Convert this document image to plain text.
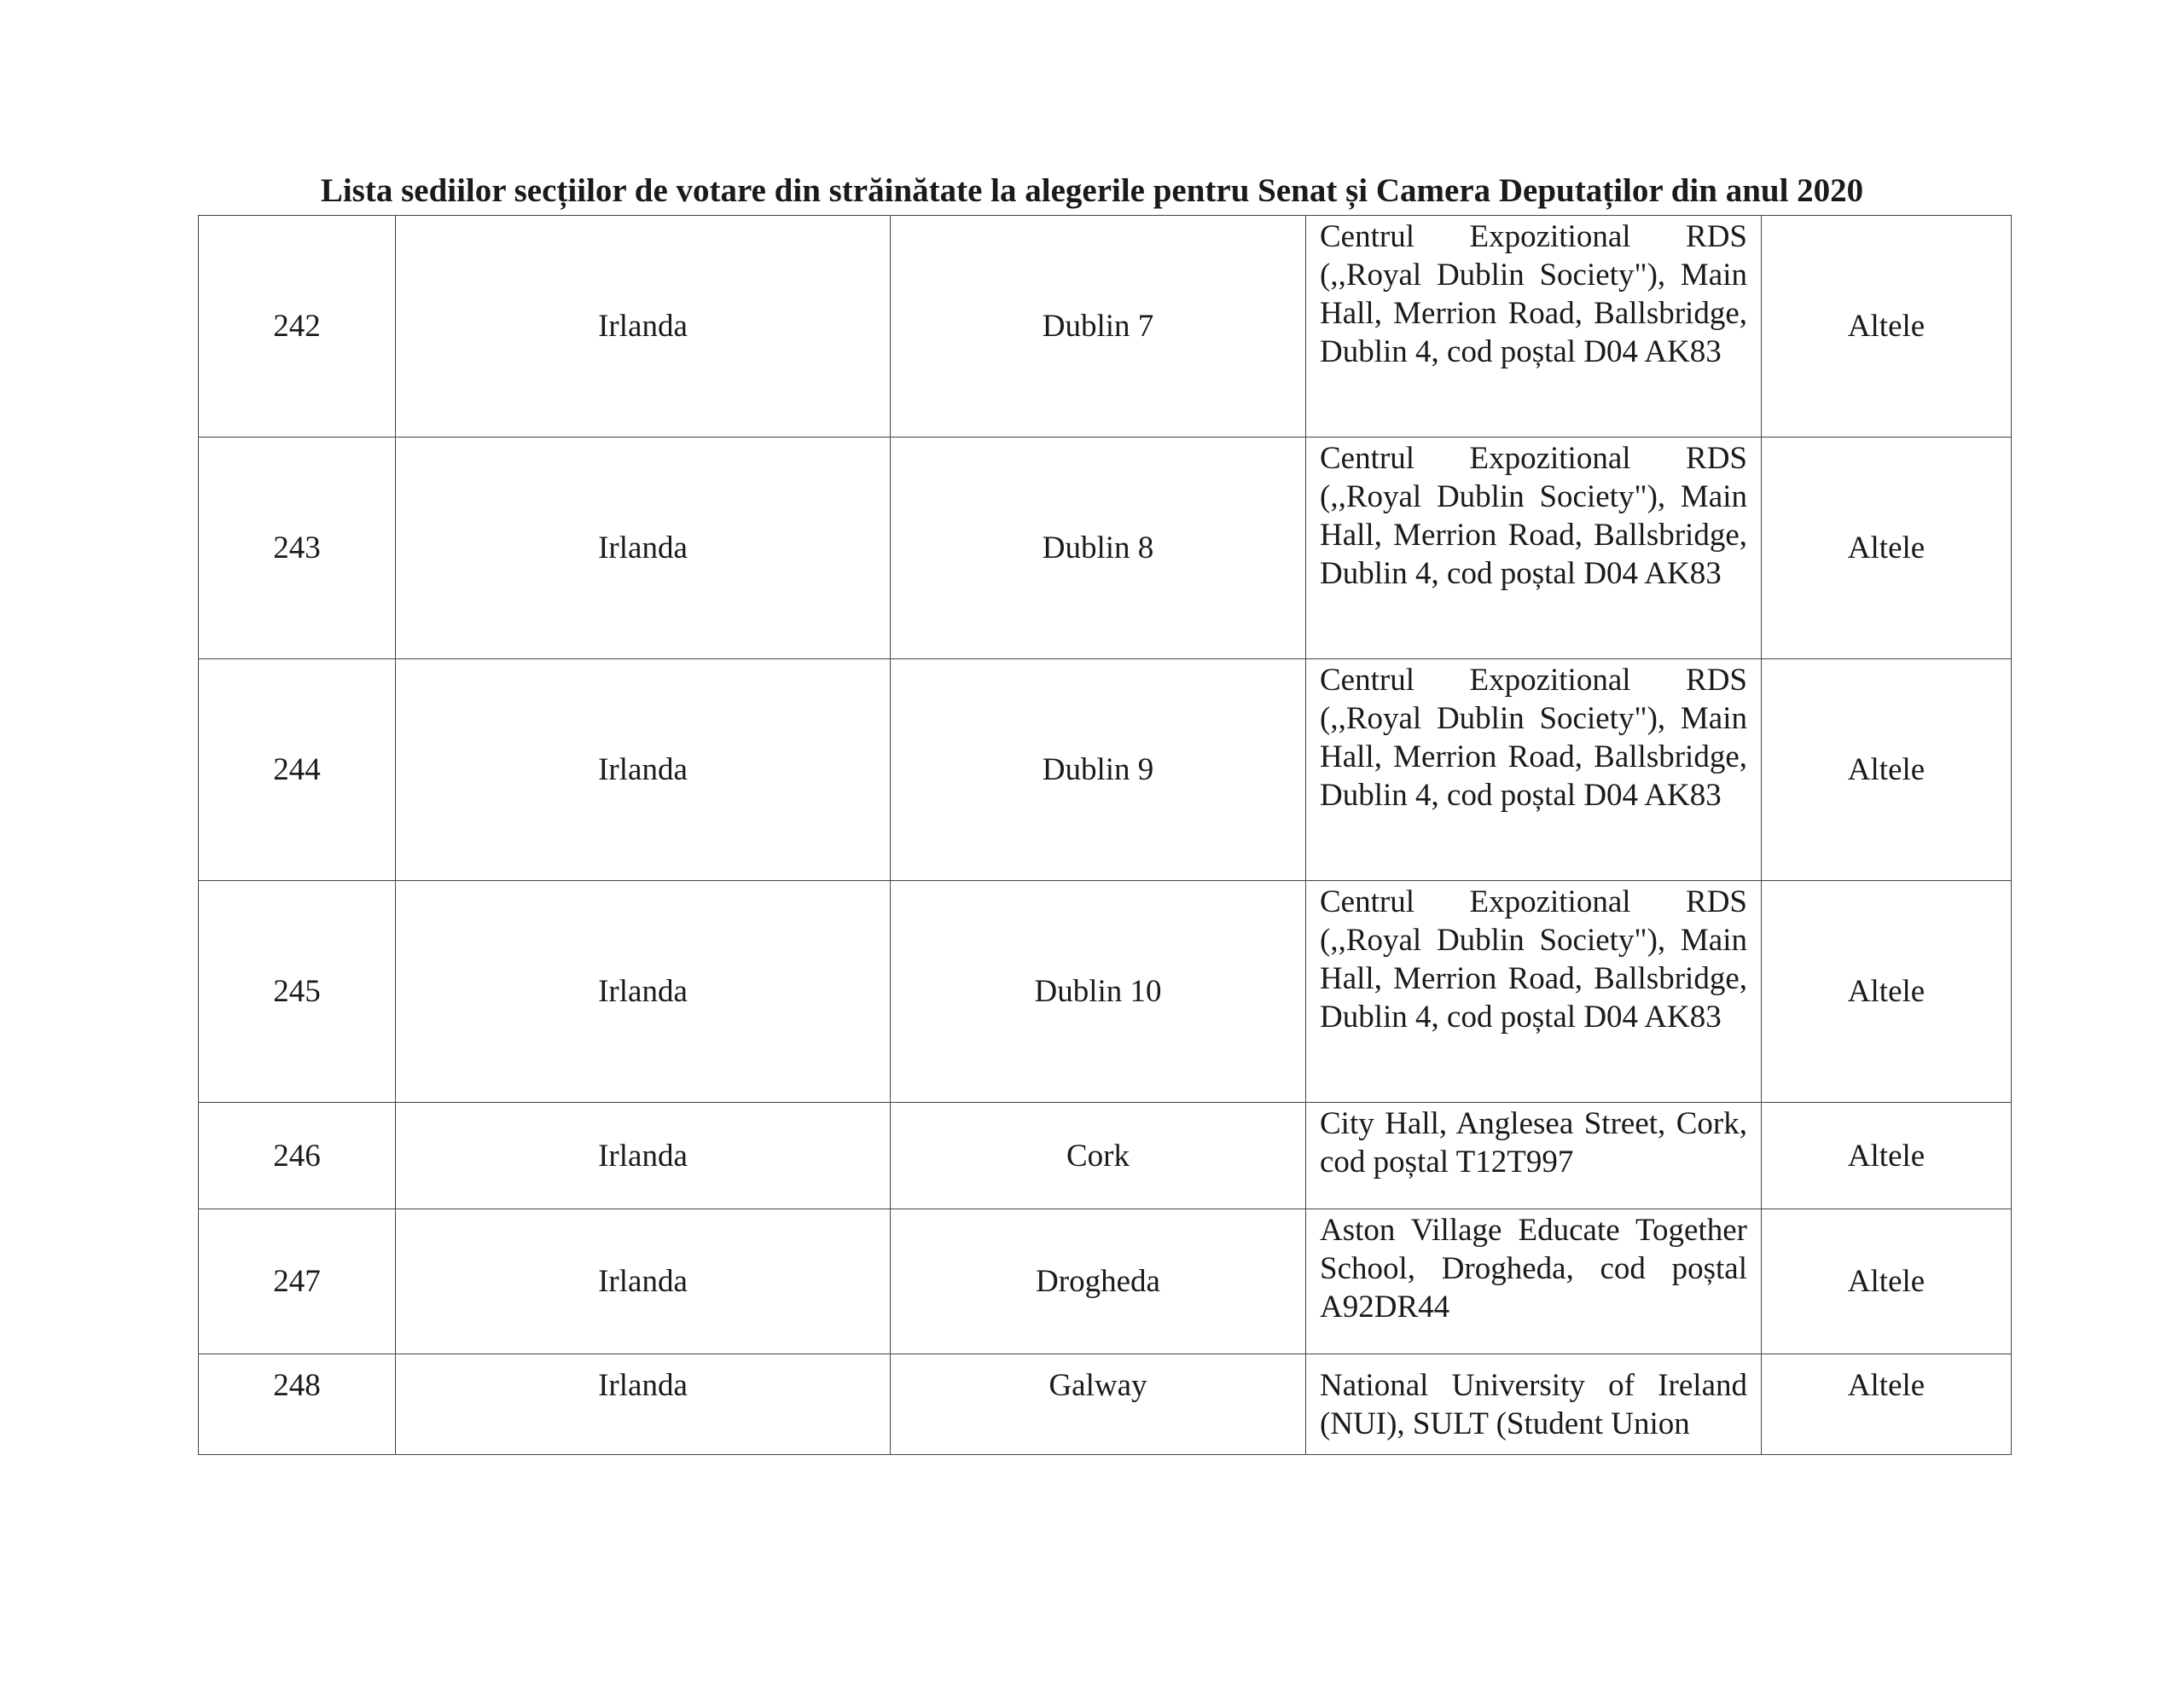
Lista sediilor secțiilor de votare din străinătate la alegerile pentru Senat și Camera Deputaților din anul 2020
242	Irlanda	Dublin 7	Centrul Expozitional RDS (,,Royal Dublin Society"), Main Hall, Merrion Road, Ballsbridge, Dublin 4, cod poștal D04 AK83	Altele
243	Irlanda	Dublin 8	Centrul Expozitional RDS (,,Royal Dublin Society"), Main Hall, Merrion Road, Ballsbridge, Dublin 4, cod poștal D04 AK83	Altele
244	Irlanda	Dublin 9	Centrul Expozitional RDS (,,Royal Dublin Society"), Main Hall, Merrion Road, Ballsbridge, Dublin 4, cod poștal D04 AK83	Altele
245	Irlanda	Dublin 10	Centrul Expozitional RDS (,,Royal Dublin Society"), Main Hall, Merrion Road, Ballsbridge, Dublin 4, cod poștal D04 AK83	Altele
246	Irlanda	Cork	City Hall, Anglesea Street, Cork, cod poștal T12T997	Altele
247	Irlanda	Drogheda	Aston Village Educate Together School, Drogheda, cod poștal A92DR44	Altele
248	Irlanda	Galway	National University of Ireland (NUI), SULT (Student Union	Altele
